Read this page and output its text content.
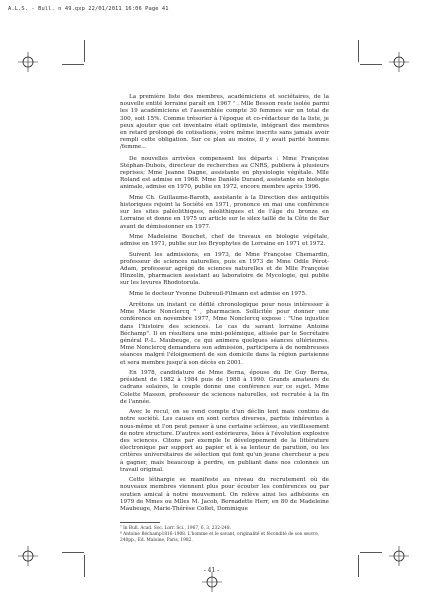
A.L.S. - Bull. n 49.qxp 22/01/2011 16:06 Page 41

La première liste des membres, académiciens et sociétaires, de la nouvelle entité lorraine paraît en 1967 ⁷ . Mlle Besson reste isolée parmi les 19 académiciens et l'assemblée compte 30 femmes sur un total de 300, soit 15%. Comme trésorier à l'époque et co-rédacteur de la liste, je peux ajouter que cet inventaire était optimiste, intégrant des membres en retard prolongé de cotisations, voire même inscrits sans jamais avoir rempli cette obligation. Sur ce plan au moins, il y avait parité homme /femme…

De nouvelles arrivées compensent les départs : Mme Françoise Stéphan-Dubois, directeur de recherches au CNRS, publiera à plusieurs reprises; Mme Jeanne Dagne, assistante en physiologie végétale. Mlle Roland est admise en 1968. Mme Danièle Durand, assistante en biologie animale, admise en 1970, publie en 1972, encore membre après 1996.

Mme Ch. Guillaume-Baroth, assistante à la Direction des antiquités historiques rejoint la Société en 1971, prononce en mai une conférence sur les sites paléolithiques, néolithiques et de l'âge du bronze en Lorraine et donne en 1975 un article sur le silex taillé de la Côte de Bar avant de démissionner en 1977.

Mme Madeleine Bouchet, chef de travaux en biologie végétale, admise en 1971, publie sur les Bryophytes de Lorraine en 1971 et 1972.

Suivent les admissions, en 1973, de Mme Françoise Chemardin, professeur de sciences naturelles, puis en 1973 de Mme Odile Pérot-Adam, professeur agrégé de sciences naturelles et de Mlle Françoise Hinzelin, pharmacien assistant au laboratoire de Mycologie, qui publie sur les levures Rhodotorula.

Mme le docteur Yvonne Dubreuil-Filmann est admise en 1975.

Arrêtons un instant ce défilé chronologique pour nous intéresser à Mme Marie Nonclercq ⁸ , pharmacien. Sollicitée pour donner une conférence en novembre 1977, Mme Nonclercq expose : "Une injustice dans l'histoire des sciences. Le cas du savant lorraine Antoine Béchamp". Il en résultera une mini-polémique, attisée par le Secrétaire général P.-L. Maubeuge, ce qui animera quelques séances ultérieures. Mme Nonclercq demandera son admission, participera à de nombreuses séances malgré l'éloignement de son domicile dans la région parisienne et sera membre jusqu'à son décès en 2001.

En 1978, candidature de Mme Berna, épouse du Dr Guy Berna, président de 1982 à 1984 puis de 1988 à 1990. Grands amateurs de cadrans solaires, le couple donne une conférence sur ce sujet. Mme Colette Masson, professeur de sciences naturelles, est recrutée à la fin de l'année.

Avec le recul, on se rend compte d'un déclin lent mais continu de notre société. Les causes en sont certes diverses, parfois inhérentes à nous-même et l'on peut penser à une certaine sclérose, au vieillissement de notre structure. D'autres sont extérieures, liées à l'évolution explosive des sciences. Citons par exemple le développement de la littérature électronique par support au papier et à sa lenteur de parution, ou les critères universitaires de sélection qui font qu'un jeune chercheur a peu à gagner, mais beaucoup à perdre, en publiant dans nos colonnes un travail original.

Cette léthargie se manifeste au niveau du recrutement où de nouveaux membres viennent plus pour écouter les conférences ou par soutien amical à notre mouvement. On relève ainsi les adhésions en 1979 de Mmes ou Mlles M. Jacob, Bernadette Herr, en 80 de Madeleine Maubeuge, Marie-Thérèse Collet, Dominique

⁷ In Bull. Acad. Soc. Lorr. Sci., 1967, 6, 3, 232-248.
⁸ Antoine Béchamp1816-1908. L'homme et le savant, originalité et fécondité de son œuvre, 240pp., Ed. Maloine, Paris, 1982.
- 41 -
